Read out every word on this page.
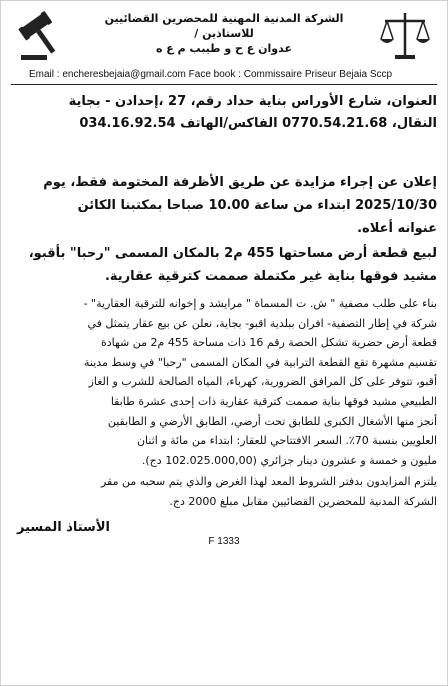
الشركة المدنية المهنية للمحضرين القضائيين للاستاذين /
عدوان ع ح و طيبب م ع ه
Email : encheresbejaia@gmail.com Face book : Commissaire Priseur Bejaia Sccp
العنوان، شارع الأوراس بناية حداد رقم، 27 ،إحدادن - بجاية
النقال، 0770.54.21.68 الفاكس/الهاتف 034.16.92.54
إعلان عن إجراء مزايدة عن طريق الأظرفة المختومة فقط، يوم
2025/10/30 ابتداء من ساعة 10.00 صباحا بمكتبنا الكائن
عنوانه أعلاه.
لبيع قطعة أرض مساحتها 455 م2 بالمكان المسمى "رحبا" بأقبو،
مشيد فوقها بناية غير مكتملة صممت كترقية عقارية.
بناء على طلب مصفية " ش. ت المسماة " مرايشد و إخوانه للترقية العقارية" -
شركة في إطار التصفية- افران ببلدية اقبو- بجاية، نعلن عن بيع عقار يتمثل في
قطعة أرض حضرية تشكل الحصة رقم 16 ذات مساحة 455 م2 من شهادة
تقسيم مشهرة تقع القطعة الترابية في المكان المسمى "رحبا" في وسط مدينة
أقبو، تتوفر على كل المرافق الضرورية، كهرباء، المياه الصالحة للشرب و الغاز
الطبيعي مشيد فوقها بناية صممت كترقية عقارية ذات إحدى عشرة طابقا
أنجز منها الأشغال الكبرى للطابق تحت أرضي، الطابق الأرضي و الطابقين
العلويين بنسبة 70٪. السعر الافتتاحي للعقار: ابتداء من مائة و اثنان
مليون و خمسة و عشرون دينار جزائري (102.025.000,00 دج).
يلتزم المزايدون بدفتر الشروط المعد لهذا الغرض والذي يتم سحبه من مقر
الشركة المدنية للمحضرين القضائيين مقابل مبلغ 2000 دج.
الأستاذ المسير
F 1333
